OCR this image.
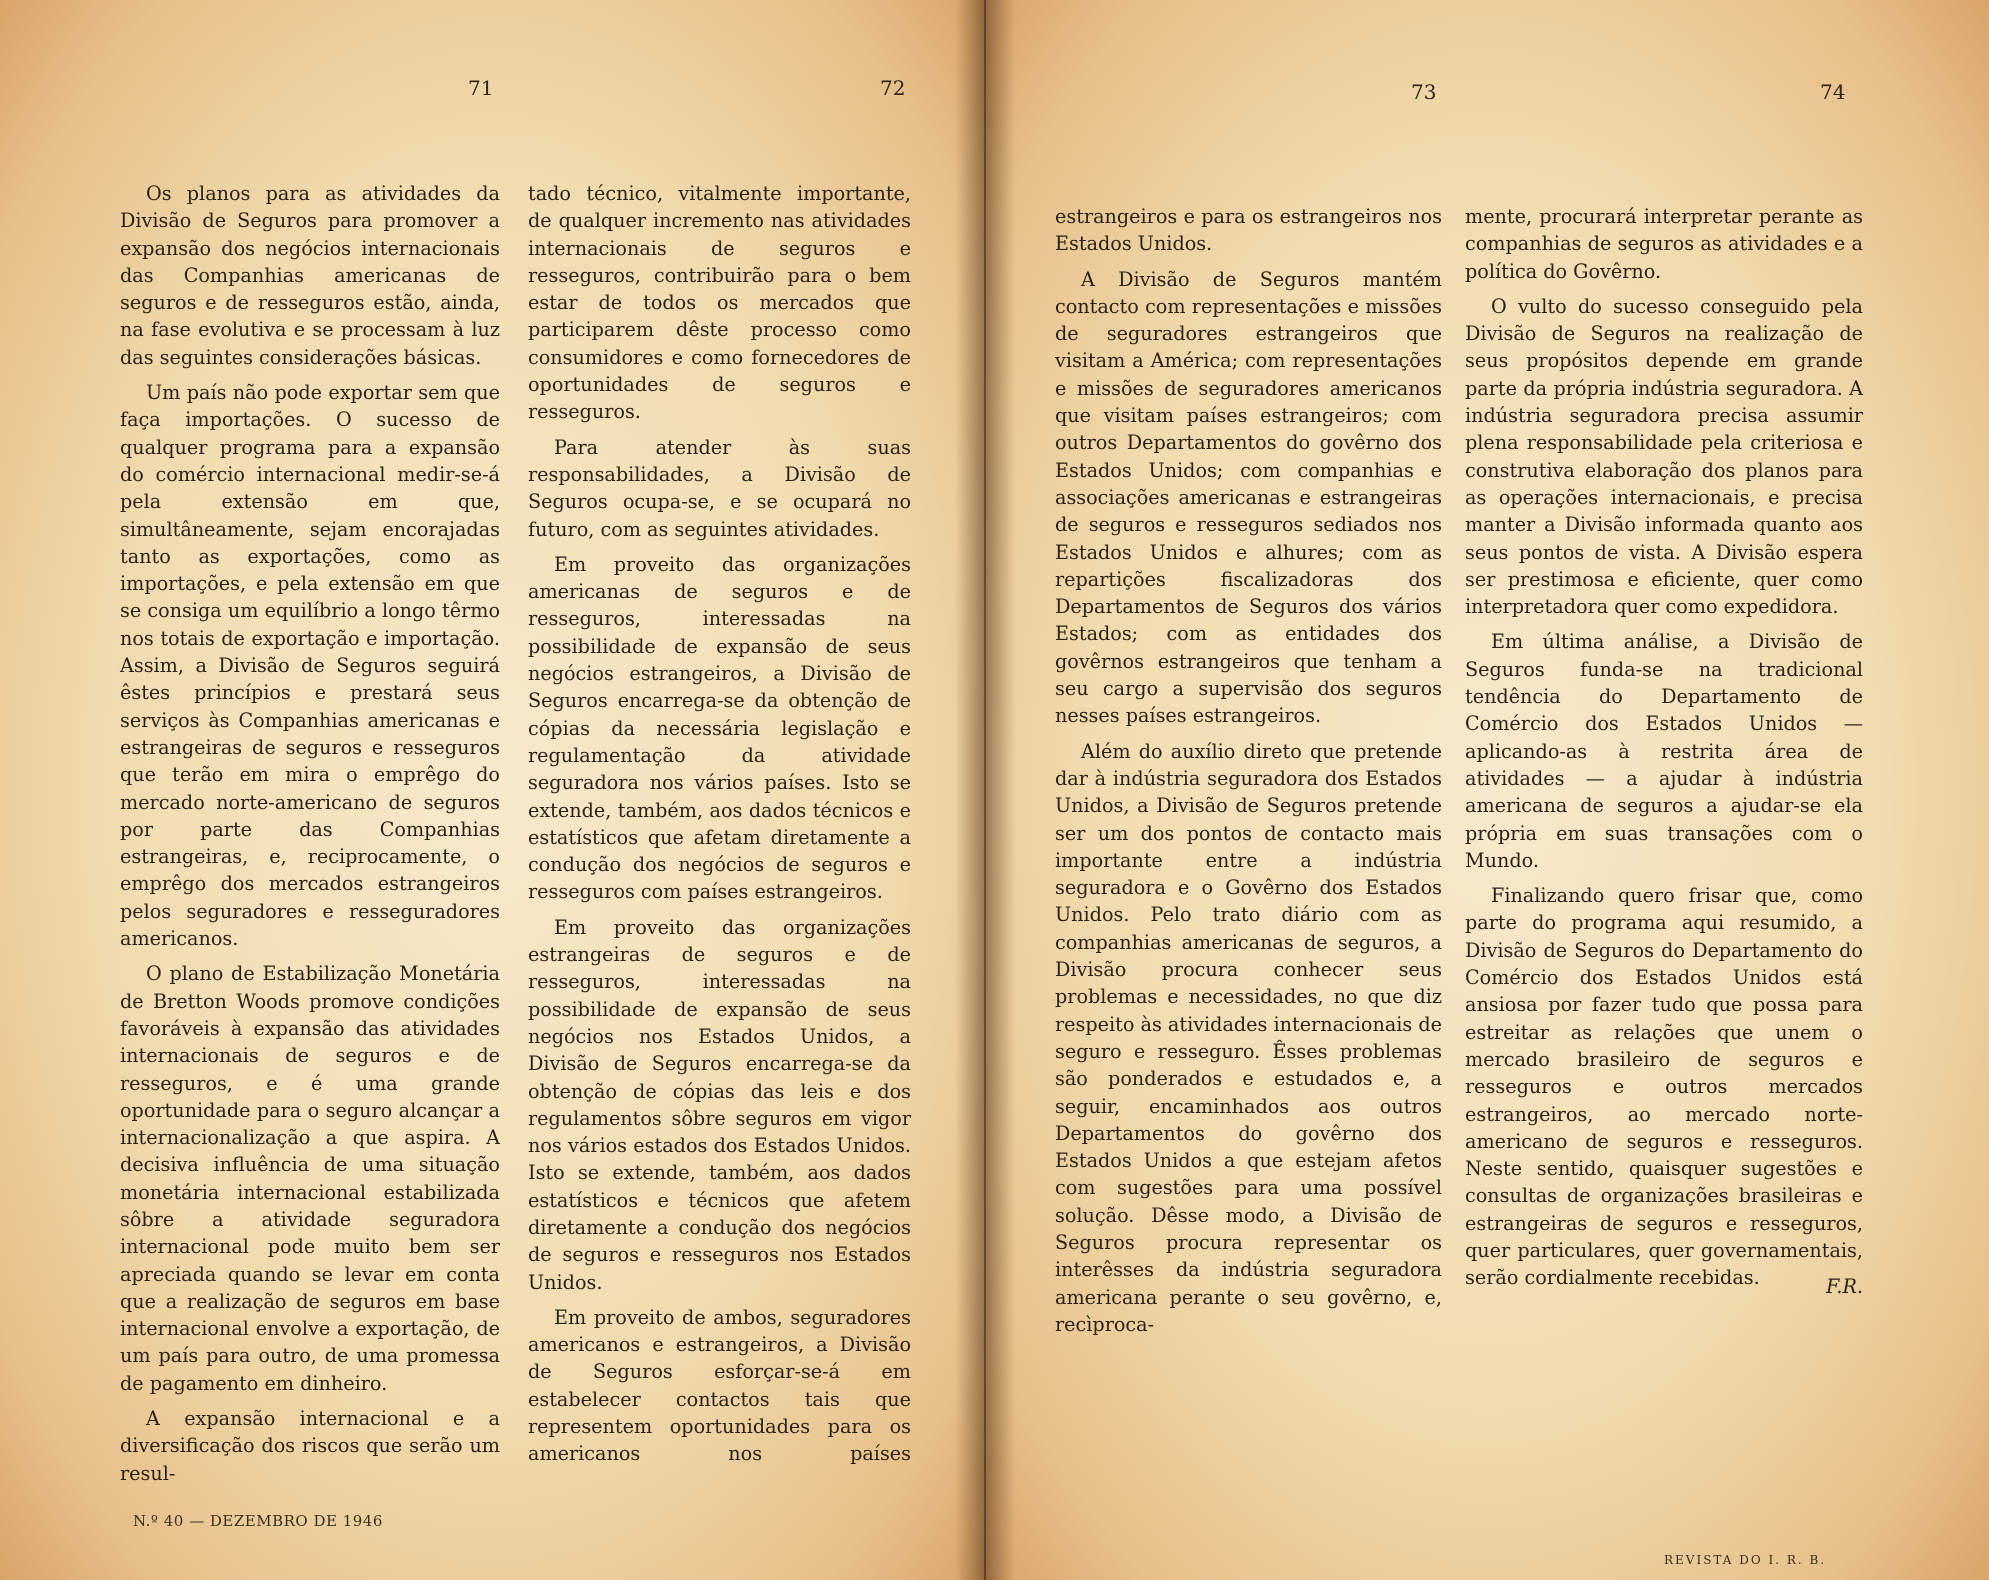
71	72	73	74

Os planos para as atividades da Divisão de Seguros para promover a expansão dos negócios internacionais das Companhias americanas de seguros e de resseguros estão, ainda, na fase evolutiva e se processam à luz das seguintes considerações básicas.

Um país não pode exportar sem que faça importações. O sucesso de qualquer programa para a expansão do comércio internacional medir-se-á pela extensão em que, simultâneamente, sejam encorajadas tanto as exportações, como as importações, e pela extensão em que se consiga um equilíbrio a longo têrmo nos totais de exportação e importação. Assim, a Divisão de Seguros seguirá êstes princípios e prestará seus serviços às Companhias americanas e estrangeiras de seguros e resseguros que terão em mira o emprêgo do mercado norte-americano de seguros por parte das Companhias estrangeiras, e, reciprocamente, o emprêgo dos mercados estrangeiros pelos seguradores e resseguradores americanos.

O plano de Estabilização Monetária de Bretton Woods promove condições favoráveis à expansão das atividades internacionais de seguros e de resseguros, e é uma grande oportunidade para o seguro alcançar a internacionalização a que aspira. A decisiva influência de uma situação monetária internacional estabilizada sôbre a atividade seguradora internacional pode muito bem ser apreciada quando se levar em conta que a realização de seguros em base internacional envolve a exportação, de um país para outro, de uma promessa de pagamento em dinheiro.

A expansão internacional e a diversificação dos riscos que serão um resul-

tado técnico, vitalmente importante, de qualquer incremento nas atividades internacionais de seguros e resseguros, contribuirão para o bem estar de todos os mercados que participarem dêste processo como consumidores e como fornecedores de oportunidades de seguros e resseguros.

Para atender às suas responsabilidades, a Divisão de Seguros ocupa-se, e se ocupará no futuro, com as seguintes atividades.

Em proveito das organizações americanas de seguros e de resseguros, interessadas na possibilidade de expansão de seus negócios estrangeiros, a Divisão de Seguros encarrega-se da obtenção de cópias da necessária legislação e regulamentação da atividade seguradora nos vários países. Isto se extende, também, aos dados técnicos e estatísticos que afetam diretamente a condução dos negócios de seguros e resseguros com países estrangeiros.

Em proveito das organizações estrangeiras de seguros e de resseguros, interessadas na possibilidade de expansão de seus negócios nos Estados Unidos, a Divisão de Seguros encarrega-se da obtenção de cópias das leis e dos regulamentos sôbre seguros em vigor nos vários estados dos Estados Unidos. Isto se extende, também, aos dados estatísticos e técnicos que afetem diretamente a condução dos negócios de seguros e resseguros nos Estados Unidos.

Em proveito de ambos, seguradores americanos e estrangeiros, a Divisão de Seguros esforçar-se-á em estabelecer contactos tais que representem oportunidades para os americanos nos países

estrangeiros e para os estrangeiros nos Estados Unidos.

A Divisão de Seguros mantém contacto com representações e missões de seguradores estrangeiros que visitam a América; com representações e missões de seguradores americanos que visitam países estrangeiros; com outros Departamentos do govêrno dos Estados Unidos; com companhias e associações americanas e estrangeiras de seguros e resseguros sediados nos Estados Unidos e alhures; com as repartições fiscalizadoras dos Departamentos de Seguros dos vários Estados; com as entidades dos govêrnos estrangeiros que tenham a seu cargo a supervisão dos seguros nesses países estrangeiros.

Além do auxílio direto que pretende dar à indústria seguradora dos Estados Unidos, a Divisão de Seguros pretende ser um dos pontos de contacto mais importante entre a indústria seguradora e o Govêrno dos Estados Unidos. Pelo trato diário com as companhias americanas de seguros, a Divisão procura conhecer seus problemas e necessidades, no que diz respeito às atividades internacionais de seguro e resseguro. Êsses problemas são ponderados e estudados e, a seguir, encaminhados aos outros Departamentos do govêrno dos Estados Unidos a que estejam afetos com sugestões para uma possível solução. Dêsse modo, a Divisão de Seguros procura representar os interêsses da indústria seguradora americana perante o seu govêrno, e, recìproca-

mente, procurará interpretar perante as companhias de seguros as atividades e a política do Govêrno.

O vulto do sucesso conseguido pela Divisão de Seguros na realização de seus propósitos depende em grande parte da própria indústria seguradora. A indústria seguradora precisa assumir plena responsabilidade pela criteriosa e construtiva elaboração dos planos para as operações internacionais, e precisa manter a Divisão informada quanto aos seus pontos de vista. A Divisão espera ser prestimosa e eficiente, quer como interpretadora quer como expedidora.

Em última análise, a Divisão de Seguros funda-se na tradicional tendência do Departamento de Comércio dos Estados Unidos — aplicando-as à restrita área de atividades — a ajudar à indústria americana de seguros a ajudar-se ela própria em suas transações com o Mundo.

Finalizando quero frisar que, como parte do programa aqui resumido, a Divisão de Seguros do Departamento do Comércio dos Estados Unidos está ansiosa por fazer tudo que possa para estreitar as relações que unem o mercado brasileiro de seguros e resseguros e outros mercados estrangeiros, ao mercado norte-americano de seguros e resseguros. Neste sentido, quaisquer sugestões e consultas de organizações brasileiras e estrangeiras de seguros e resseguros, quer particulares, quer governamentais, serão cordialmente recebidas.	F.R.
N.º 40 — DEZEMBRO DE 1946
REVISTA DO I. R. B.
